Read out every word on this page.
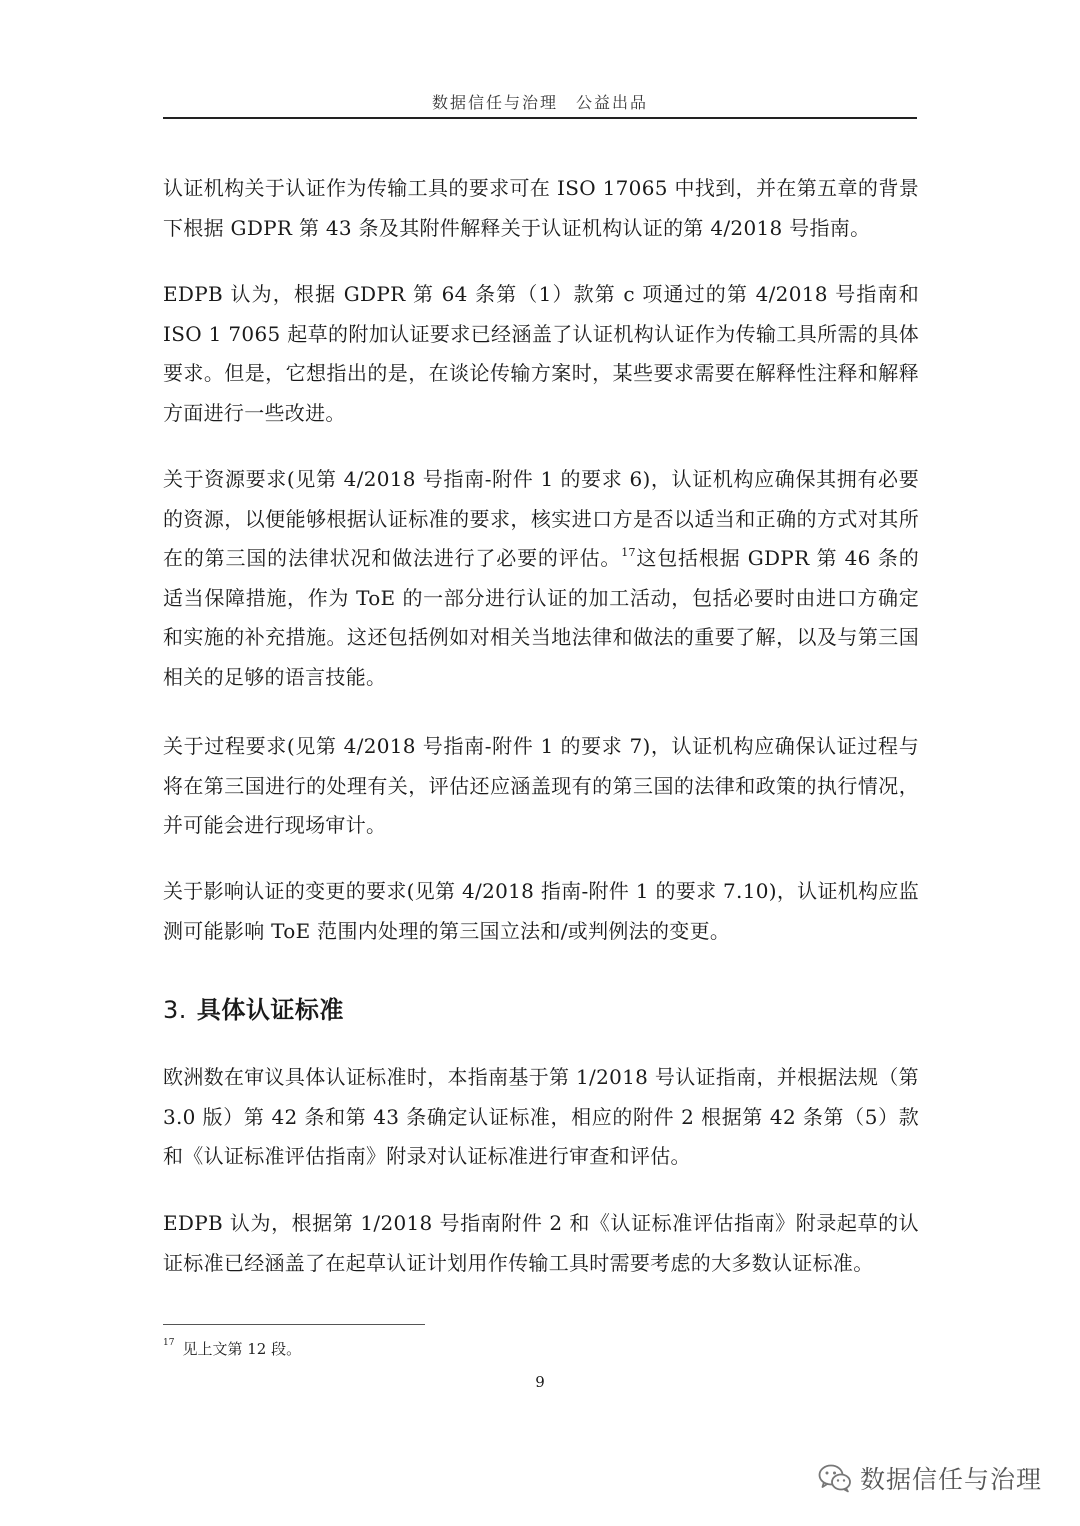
数据信任与治理　公益出品

认证机构关于认证作为传输工具的要求可在 ISO 17065 中找到，并在第五章的背景下根据 GDPR 第 43 条及其附件解释关于认证机构认证的第 4/2018 号指南。

EDPB 认为，根据 GDPR 第 64 条第（1）款第 c 项通过的第 4/2018 号指南和 ISO 1 7065 起草的附加认证要求已经涵盖了认证机构认证作为传输工具所需的具体要求。但是，它想指出的是，在谈论传输方案时，某些要求需要在解释性注释和解释方面进行一些改进。

关于资源要求(见第 4/2018 号指南-附件 1 的要求 6)，认证机构应确保其拥有必要的资源，以便能够根据认证标准的要求，核实进口方是否以适当和正确的方式对其所在的第三国的法律状况和做法进行了必要的评估。$^{17}$这包括根据 GDPR 第 46 条的适当保障措施，作为 ToE 的一部分进行认证的加工活动，包括必要时由进口方确定和实施的补充措施。这还包括例如对相关当地法律和做法的重要了解，以及与第三国相关的足够的语言技能。

关于过程要求(见第 4/2018 号指南-附件 1 的要求 7)，认证机构应确保认证过程与将在第三国进行的处理有关，评估还应涵盖现有的第三国的法律和政策的执行情况，并可能会进行现场审计。

关于影响认证的变更的要求(见第 4/2018 指南-附件 1 的要求 7.10)，认证机构应监测可能影响 ToE 范围内处理的第三国立法和/或判例法的变更。

3. 具体认证标准

欧洲数在审议具体认证标准时，本指南基于第 1/2018 号认证指南，并根据法规（第 3.0 版）第 42 条和第 43 条确定认证标准，相应的附件 2 根据第 42 条第（5）款和《认证标准评估指南》附录对认证标准进行审查和评估。

EDPB 认为，根据第 1/2018 号指南附件 2 和《认证标准评估指南》附录起草的认证标准已经涵盖了在起草认证计划用作传输工具时需要考虑的大多数认证标准。

$^{17}$ 见上文第 12 段。
9
数据信任与治理
